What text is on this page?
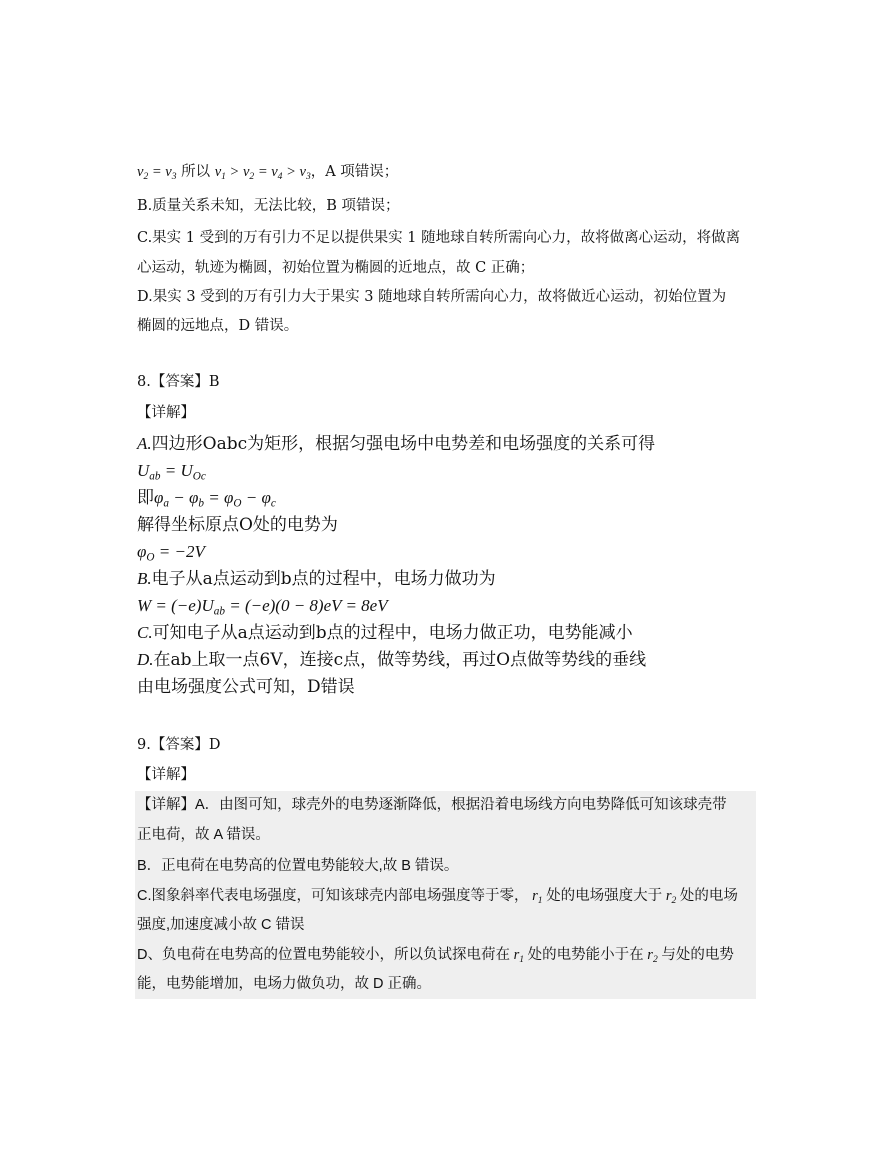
$v_2 = v_3$ 所以 $v_1 > v_2 = v_4 > v_3$，A 项错误；
B.质量关系未知，无法比较，B 项错误；
C.果实 1 受到的万有引力不足以提供果实 1 随地球自转所需向心力，故将做离心运动，将做离
心运动，轨迹为椭圆，初始位置为椭圆的近地点，故 C 正确；
D.果实 3 受到的万有引力大于果实 3 随地球自转所需向心力，故将做近心运动，初始位置为
椭圆的远地点，D 错误。
8.【答案】B
【详解】
A.四边形Oabc为矩形，根据匀强电场中电势差和电场强度的关系可得
$U_{ab} = U_{Oc}$
即$\varphi_a - \varphi_b = \varphi_O - \varphi_c$
解得坐标原点O处的电势为
$\varphi_O = -2V$
B.电子从a点运动到b点的过程中，电场力做功为
$W = (-e)U_{ab} = (-e)(0 - 8)eV = 8eV$
C.可知电子从a点运动到b点的过程中，电场力做正功，电势能减小
D.在ab上取一点6V，连接c点，做等势线，再过O点做等势线的垂线
由电场强度公式可知，D错误
9.【答案】D
【详解】
【详解】A．由图可知，球壳外的电势逐渐降低，根据沿着电场线方向电势降低可知该球壳带
正电荷，故 A 错误。
B．正电荷在电势高的位置电势能较大,故 B 错误。
C.图象斜率代表电场强度，可知该球壳内部电场强度等于零， $r_1$ 处的电场强度大于 $r_2$ 处的电场
强度,加速度减小故 C 错误
D、负电荷在电势高的位置电势能较小，所以负试探电荷在 $r_1$ 处的电势能小于在 $r_2$ 与处的电势
能，电势能增加，电场力做负功，故 D 正确。
